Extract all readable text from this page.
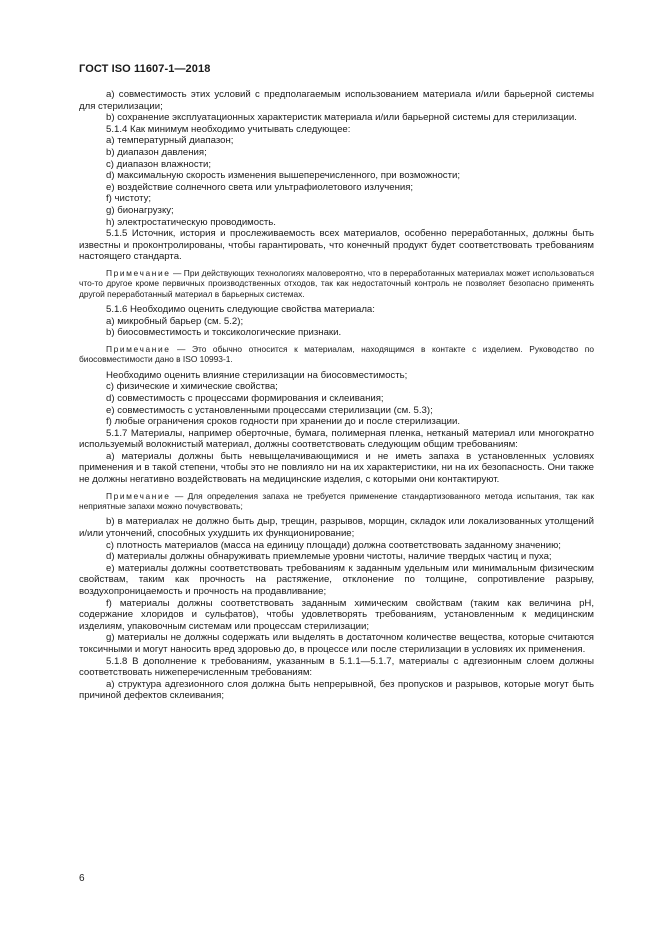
ГОСТ ISO 11607-1—2018

a) совместимость этих условий с предполагаемым использованием материала и/или барьерной системы для стерилизации;

b) сохранение эксплуатационных характеристик материала и/или барьерной системы для стерилизации.

5.1.4 Как минимум необходимо учитывать следующее:

a) температурный диапазон;

b) диапазон давления;

c) диапазон влажности;

d) максимальную скорость изменения вышеперечисленного, при возможности;

e) воздействие солнечного света или ультрафиолетового излучения;

f) чистоту;

g) бионагрузку;

h) электростатическую проводимость.

5.1.5 Источник, история и прослеживаемость всех материалов, особенно переработанных, должны быть известны и проконтролированы, чтобы гарантировать, что конечный продукт будет соответствовать требованиям настоящего стандарта.

Примечание — При действующих технологиях маловероятно, что в переработанных материалах может использоваться что-то другое кроме первичных производственных отходов, так как недостаточный контроль не позволяет безопасно применять другой переработанный материал в барьерных системах.

5.1.6 Необходимо оценить следующие свойства материала:

a) микробный барьер (см. 5.2);

b) биосовместимость и токсикологические признаки.

Примечание — Это обычно относится к материалам, находящимся в контакте с изделием. Руководство по биосовместимости дано в ISO 10993-1.

Необходимо оценить влияние стерилизации на биосовместимость;

c) физические и химические свойства;

d) совместимость с процессами формирования и склеивания;

e) совместимость с установленными процессами стерилизации (см. 5.3);

f) любые ограничения сроков годности при хранении до и после стерилизации.

5.1.7 Материалы, например оберточные, бумага, полимерная пленка, нетканый материал или многократно используемый волокнистый материал, должны соответствовать следующим общим требованиям:

a) материалы должны быть невыщелачивающимися и не иметь запаха в установленных условиях применения и в такой степени, чтобы это не повлияло ни на их характеристики, ни на их безопасность. Они также не должны негативно воздействовать на медицинские изделия, с которыми они контактируют.

Примечание — Для определения запаха не требуется применение стандартизованного метода испытания, так как неприятные запахи можно почувствовать;

b) в материалах не должно быть дыр, трещин, разрывов, морщин, складок или локализованных утолщений и/или утончений, способных ухудшить их функционирование;

c) плотность материалов (масса на единицу площади) должна соответствовать заданному значению;

d) материалы должны обнаруживать приемлемые уровни чистоты, наличие твердых частиц и пуха;

e) материалы должны соответствовать требованиям к заданным удельным или минимальным физическим свойствам, таким как прочность на растяжение, отклонение по толщине, сопротивление разрыву, воздухопроницаемость и прочность на продавливание;

f) материалы должны соответствовать заданным химическим свойствам (таким как величина pH, содержание хлоридов и сульфатов), чтобы удовлетворять требованиям, установленным к медицинским изделиям, упаковочным системам или процессам стерилизации;

g) материалы не должны содержать или выделять в достаточном количестве вещества, которые считаются токсичными и могут наносить вред здоровью до, в процессе или после стерилизации в условиях их применения.

5.1.8 В дополнение к требованиям, указанным в 5.1.1—5.1.7, материалы с адгезионным слоем должны соответствовать нижеперечисленным требованиям:

a) структура адгезионного слоя должна быть непрерывной, без пропусков и разрывов, которые могут быть причиной дефектов склеивания;

6
